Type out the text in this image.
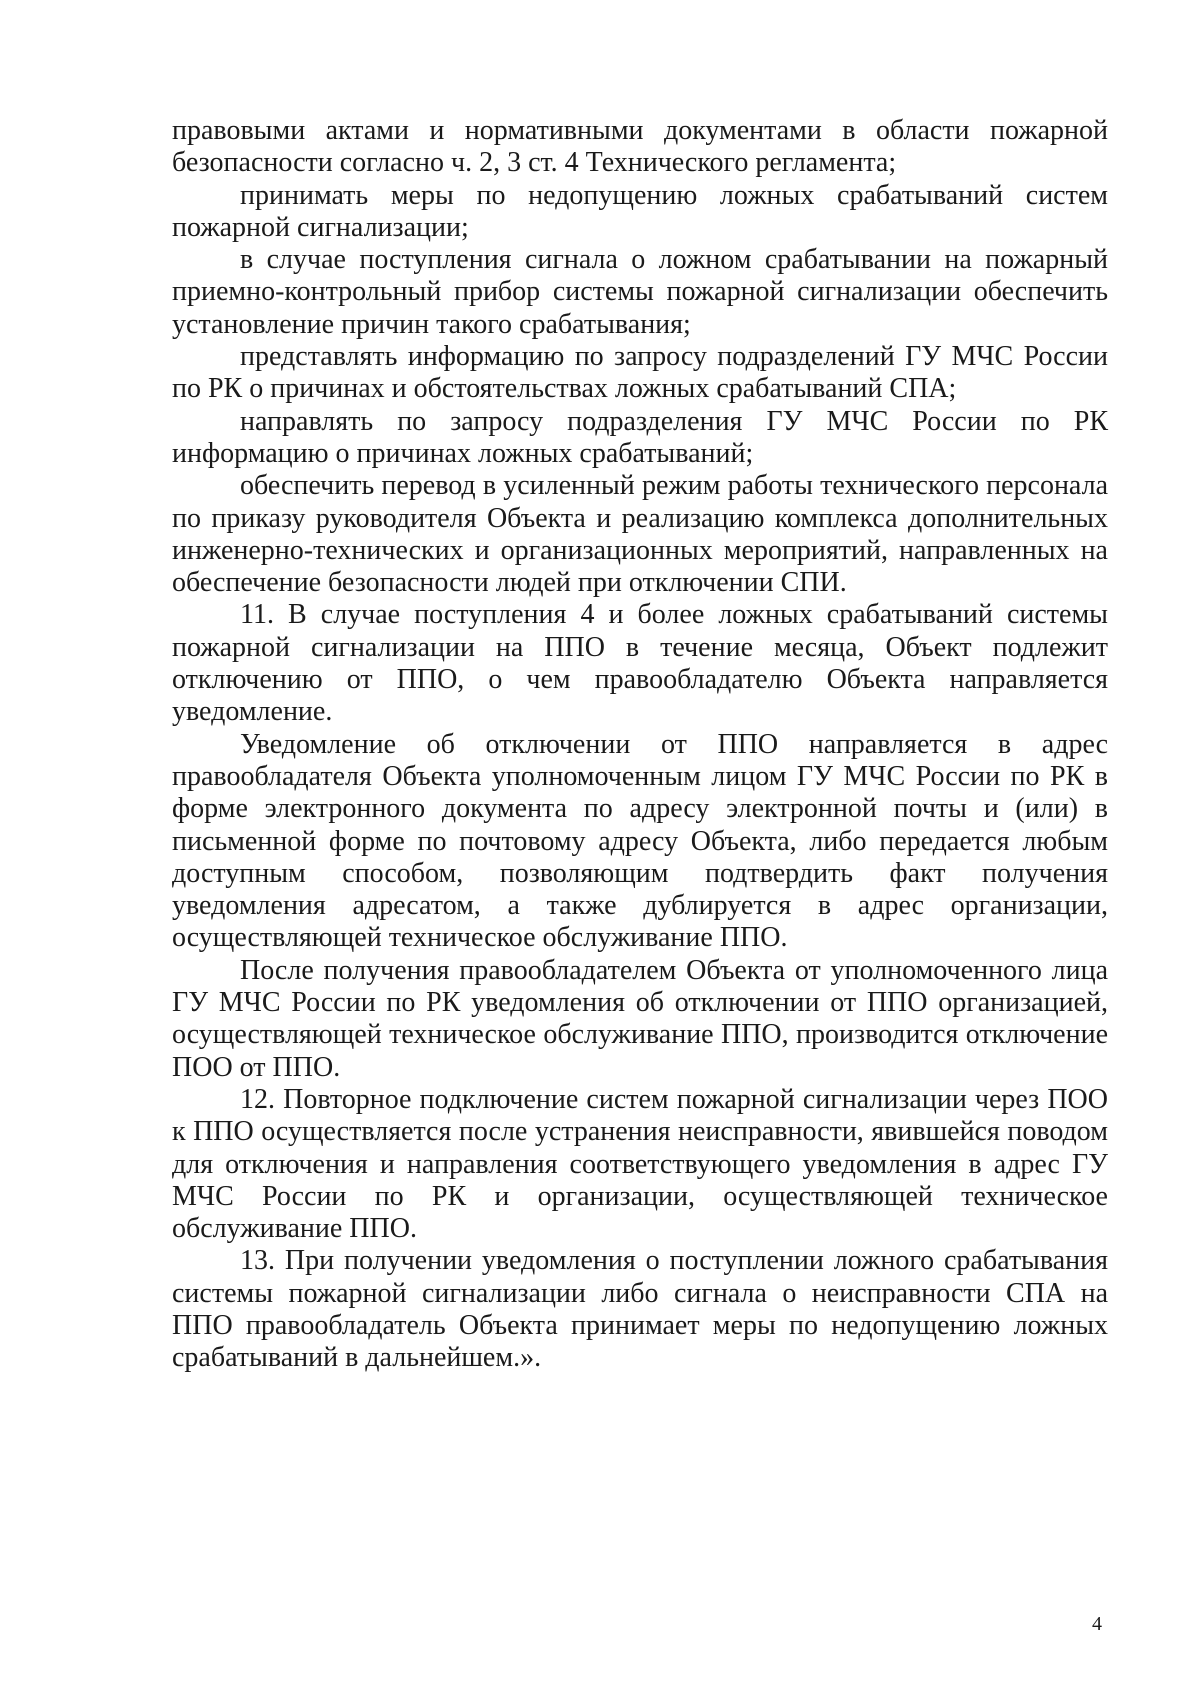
правовыми актами и нормативными документами в области пожарной безопасности согласно ч. 2, 3 ст. 4 Технического регламента;

принимать меры по недопущению ложных срабатываний систем пожарной сигнализации;

в случае поступления сигнала о ложном срабатывании на пожарный приемно-контрольный прибор системы пожарной сигнализации обеспечить установление причин такого срабатывания;

представлять информацию по запросу подразделений ГУ МЧС России по РК о причинах и обстоятельствах ложных срабатываний СПА;

направлять по запросу подразделения ГУ МЧС России по РК информацию о причинах ложных срабатываний;

обеспечить перевод в усиленный режим работы технического персонала по приказу руководителя Объекта и реализацию комплекса дополнительных инженерно-технических и организационных мероприятий, направленных на обеспечение безопасности людей при отключении СПИ.

11. В случае поступления 4 и более ложных срабатываний системы пожарной сигнализации на ППО в течение месяца, Объект подлежит отключению от ППО, о чем правообладателю Объекта направляется уведомление.

Уведомление об отключении от ППО направляется в адрес правообладателя Объекта уполномоченным лицом ГУ МЧС России по РК в форме электронного документа по адресу электронной почты и (или) в письменной форме по почтовому адресу Объекта, либо передается любым доступным способом, позволяющим подтвердить факт получения уведомления адресатом, а также дублируется в адрес организации, осуществляющей техническое обслуживание ППО.

После получения правообладателем Объекта от уполномоченного лица ГУ МЧС России по РК уведомления об отключении от ППО организацией, осуществляющей техническое обслуживание ППО, производится отключение ПОО от ППО.

12. Повторное подключение систем пожарной сигнализации через ПОО к ППО осуществляется после устранения неисправности, явившейся поводом для отключения и направления соответствующего уведомления в адрес ГУ МЧС России по РК и организации, осуществляющей техническое обслуживание ППО.

13. При получении уведомления о поступлении ложного срабатывания системы пожарной сигнализации либо сигнала о неисправности СПА на ППО правообладатель Объекта принимает меры по недопущению ложных срабатываний в дальнейшем.».

4
